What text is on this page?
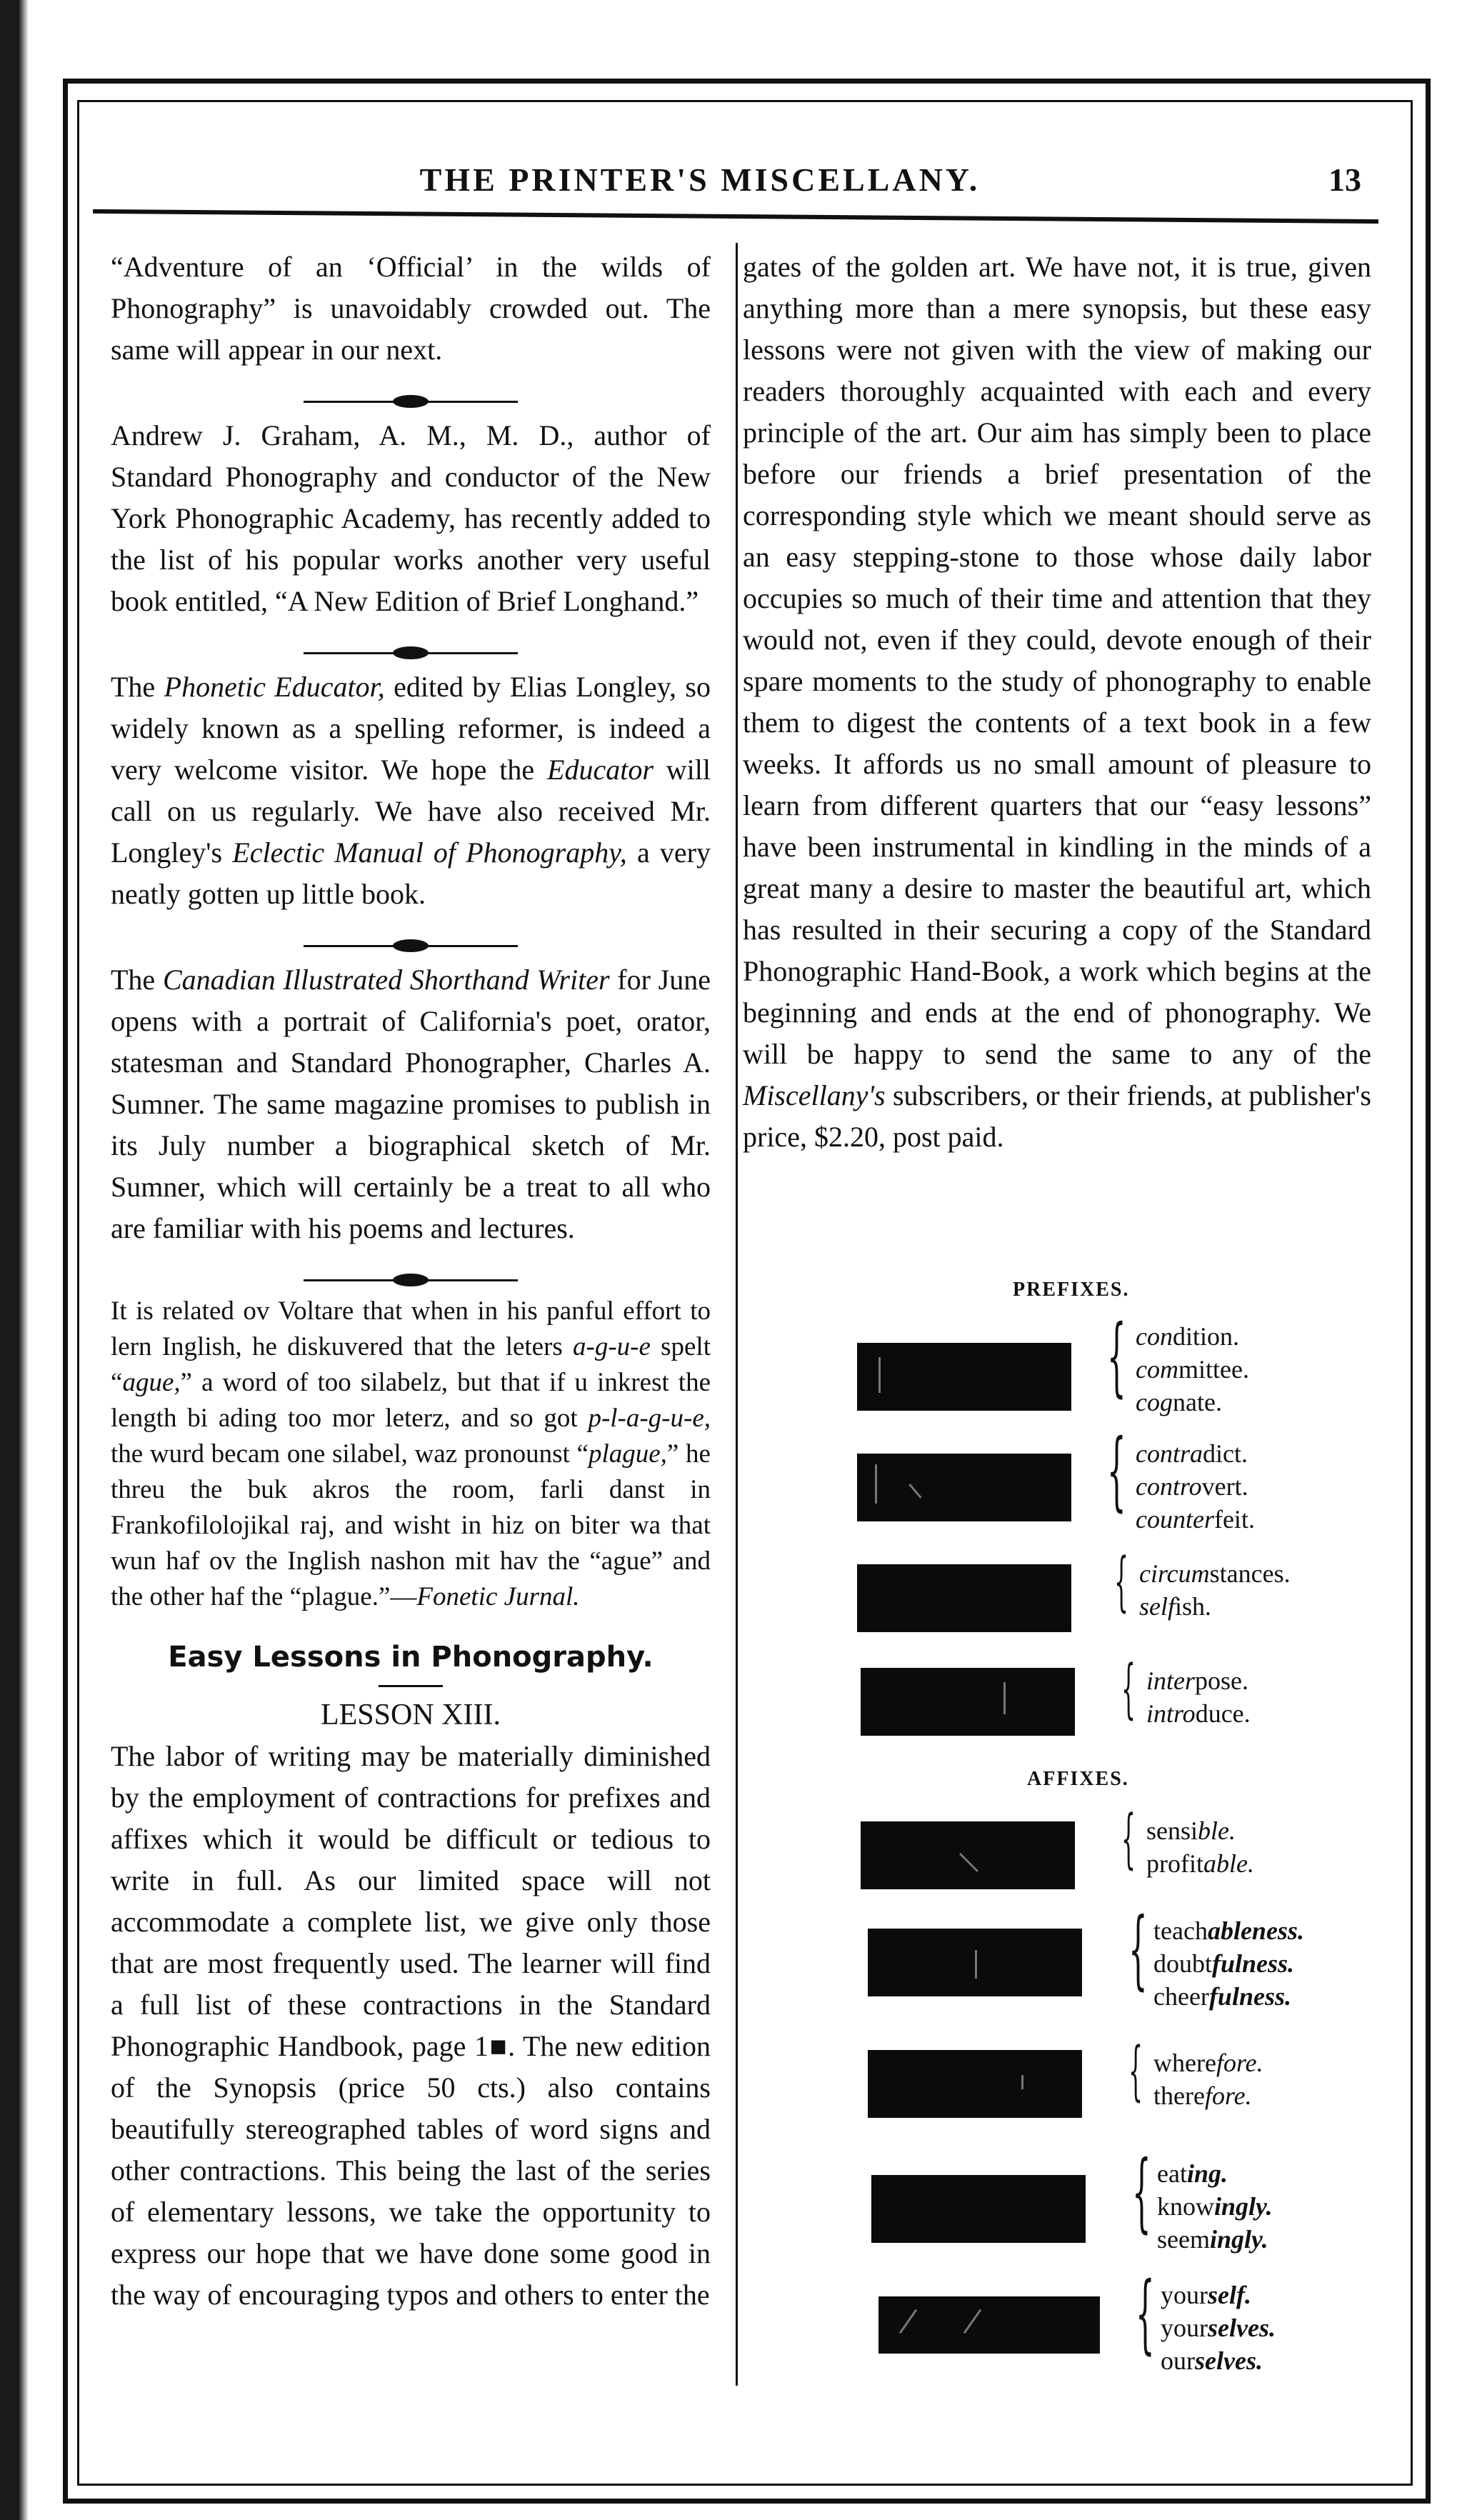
THE PRINTER'S MISCELLANY.	13

“Adventure of an ‘Official’ in the wilds of Phonography” is unavoidably crowded out. The same will appear in our next.

Andrew J. Graham, A. M., M. D., author of Standard Phonography and conductor of the New York Phonographic Academy, has recently added to the list of his popular works another very useful book entitled, “A New Edition of Brief Longhand.”

The Phonetic Educator, edited by Elias Longley, so widely known as a spelling reformer, is indeed a very welcome visitor. We hope the Educator will call on us regularly. We have also received Mr. Longley's Eclectic Manual of Phonography, a very neatly gotten up little book.

The Canadian Illustrated Shorthand Writer for June opens with a portrait of California's poet, orator, statesman and Standard Phonographer, Charles A. Sumner. The same magazine promises to publish in its July number a biographical sketch of Mr. Sumner, which will certainly be a treat to all who are familiar with his poems and lectures.

It is related ov Voltare that when in his panful effort to lern Inglish, he diskuvered that the leters a-g-u-e spelt “ague,” a word of too silabelz, but that if u inkrest the length bi ading too mor leterz, and so got p-l-a-g-u-e, the wurd becam one silabel, waz pronounst “plague,” he threu the buk akros the room, farli danst in Frankofilolojikal raj, and wisht in hiz on biter wa that wun haf ov the Inglish nashon mit hav the “ague” and the other haf the “plague.”—Fonetic Jurnal.

Easy Lessons in Phonography.
LESSON XIII.

The labor of writing may be materially diminished by the employment of contractions for prefixes and affixes which it would be difficult or tedious to write in full. As our limited space will not accommodate a complete list, we give only those that are most frequently used. The learner will find a full list of these contractions in the Standard Phonographic Handbook, page 1■. The new edition of the Synopsis (price 50 cts.) also contains beautifully stereographed tables of word signs and other contractions. This being the last of the series of elementary lessons, we take the opportunity to express our hope that we have done some good in the way of encouraging typos and others to enter the

gates of the golden art. We have not, it is true, given anything more than a mere synopsis, but these easy lessons were not given with the view of making our readers thoroughly acquainted with each and every principle of the art. Our aim has simply been to place before our friends a brief presentation of the corresponding style which we meant should serve as an easy stepping-stone to those whose daily labor occupies so much of their time and attention that they would not, even if they could, devote enough of their spare moments to the study of phonography to enable them to digest the contents of a text book in a few weeks. It affords us no small amount of pleasure to learn from different quarters that our “easy lessons” have been instrumental in kindling in the minds of a great many a desire to master the beautiful art, which has resulted in their securing a copy of the Standard Phonographic Hand-Book, a work which begins at the beginning and ends at the end of phonography. We will be happy to send the same to any of the Miscellany's subscribers, or their friends, at publisher's price, $2.20, post paid.

PREFIXES.
{ condition.
committee.
cognate.
{ contradict.
controvert.
counterfeit.
{ circumstances.
selfish.
{ interpose.
introduce.
AFFIXES.
{ sensible.
profitable.
{ teachableness.
doubtfulness.
cheerfulness.
{ wherefore.
therefore.
{ eating.
knowingly.
seemingly.
{ yourself.
yourselves.
ourselves.
